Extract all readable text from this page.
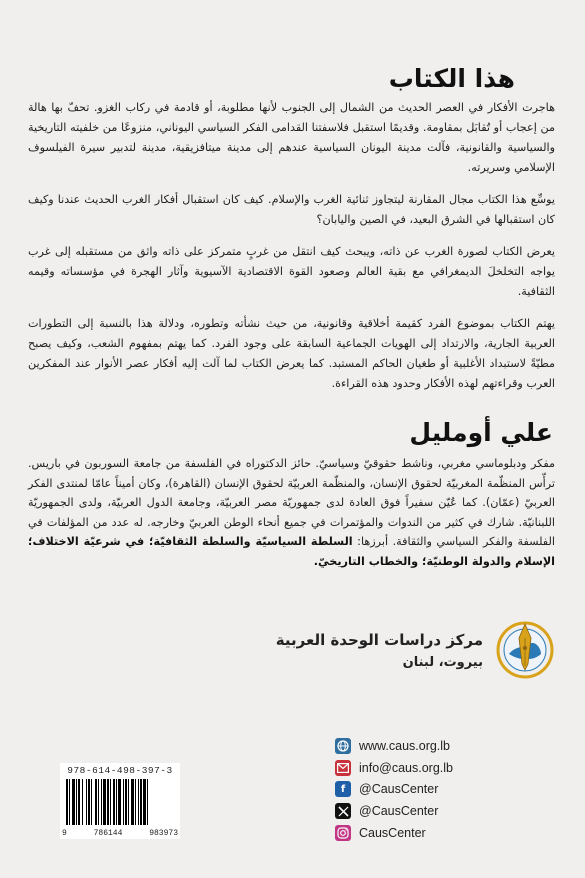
هذا الكتاب

هاجرت الأفكار في العصر الحديث من الشمال إلى الجنوب لأنها مطلوبة، أو قادمة في ركاب الغزو. تحفّ بها هالة من إعجاب أو تُقابَل بمقاومة. وقديمًا استقبل فلاسفتنا القدامى الفكر السياسي اليوناني، منزوعًا من خلفيته التاريخية والسياسية والقانونية، فآلت مدينة اليونان السياسية عندهم إلى مدينة ميتافزيقية، مدينة لتدبير سيرة الفيلسوف الإسلامي وسريرته.

يوسِّع هذا الكتاب مجال المقارنة ليتجاوز ثنائية الغرب والإسلام. كيف كان استقبال أفكار الغرب الحديث عندنا وكيف كان استقبالها في الشرق البعيد، في الصين واليابان؟

يعرض الكتاب لصورة الغرب عن ذاته، ويبحث كيف انتقل من غربٍ متمركز على ذاته واثق من مستقبله إلى غرب يواجه التخلخلَ الديمغرافي مع بقية العالم وصعود القوة الاقتصادية الآسيوية وآثار الهجرة في مؤسساته وقيمه الثقافية.

يهتم الكتاب بموضوع الفرد كقيمة أخلاقية وقانونية، من حيث نشأته وتطوره، ودلالة هذا بالنسبة إلى التطورات العربية الجارية، والارتداد إلى الهويات الجماعية السابقة على وجود الفرد. كما يهتم بمفهوم الشعب، وكيف يصبح مطيّةً لاستبداد الأغلبية أو طغيان الحاكم المستبد. كما يعرض الكتاب لما آلت إليه أفكار عصر الأنوار عند المفكرين العرب وقراءتهم لهذه الأفكار وحدود هذه القراءة.

علي أومليل

مفكر ودبلوماسي مغربي، وناشط حقوقيّ وسياسيّ. حائز الدكتوراه في الفلسفة من جامعة السوربون في باريس. ترأّس المنظّمة المغربيّة لحقوق الإنسان، والمنظّمة العربيّة لحقوق الإنسان (القاهرة)، وكان أميناً عامّا لمنتدى الفكر العربيّ (عمّان). كما عُيّن سفيراً فوق العادة لدى جمهوريّة مصر العربيّة، وجامعة الدول العربيّة، ولدى الجمهوريّة اللبنانيّة. شارك في كثير من الندوات والمؤتمرات في جميع أنحاء الوطن العربيّ وخارجه. له عدد من المؤلفات في الفلسفة والفكر السياسي والثقافة. أبرزها: السلطة السياسيّة والسلطة الثقافيّة؛ في شرعيّة الاختلاف؛ الإسلام والدولة الوطنيّة؛ والخطاب التاريخيّ.

مركز دراسات الوحدة العربية
بيروت، لبنان
978-614-498-397-3
9	786144	983973
www.caus.org.lb
info@caus.org.lb
f	@CausCenter
@CausCenter
CausCenter
